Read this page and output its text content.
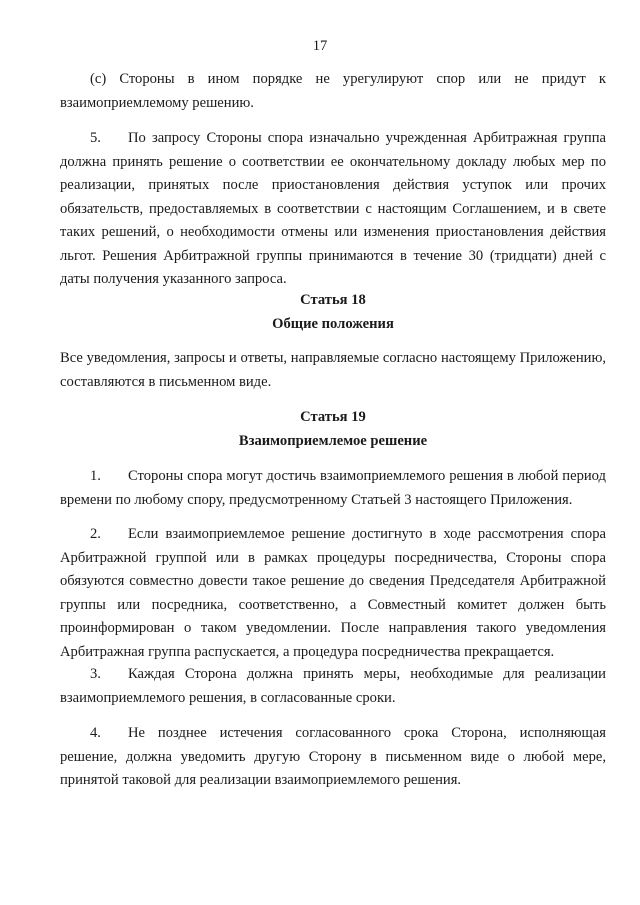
17
(с) Стороны в ином порядке не урегулируют спор или не придут к взаимоприемлемому решению.
5. По запросу Стороны спора изначально учрежденная Арбитражная группа должна принять решение о соответствии ее окончательному докладу любых мер по реализации, принятых после приостановления действия уступок или прочих обязательств, предоставляемых в соответствии с настоящим Соглашением, и в свете таких решений, о необходимости отмены или изменения приостановления действия льгот. Решения Арбитражной группы принимаются в течение 30 (тридцати) дней с даты получения указанного запроса.
Статья 18
Общие положения
Все уведомления, запросы и ответы, направляемые согласно настоящему Приложению, составляются в письменном виде.
Статья 19
Взаимоприемлемое решение
1. Стороны спора могут достичь взаимоприемлемого решения в любой период времени по любому спору, предусмотренному Статьей 3 настоящего Приложения.
2. Если взаимоприемлемое решение достигнуто в ходе рассмотрения спора Арбитражной группой или в рамках процедуры посредничества, Стороны спора обязуются совместно довести такое решение до сведения Председателя Арбитражной группы или посредника, соответственно, а Совместный комитет должен быть проинформирован о таком уведомлении. После направления такого уведомления Арбитражная группа распускается, а процедура посредничества прекращается.
3. Каждая Сторона должна принять меры, необходимые для реализации взаимоприемлемого решения, в согласованные сроки.
4. Не позднее истечения согласованного срока Сторона, исполняющая решение, должна уведомить другую Сторону в письменном виде о любой мере, принятой таковой для реализации взаимоприемлемого решения.
